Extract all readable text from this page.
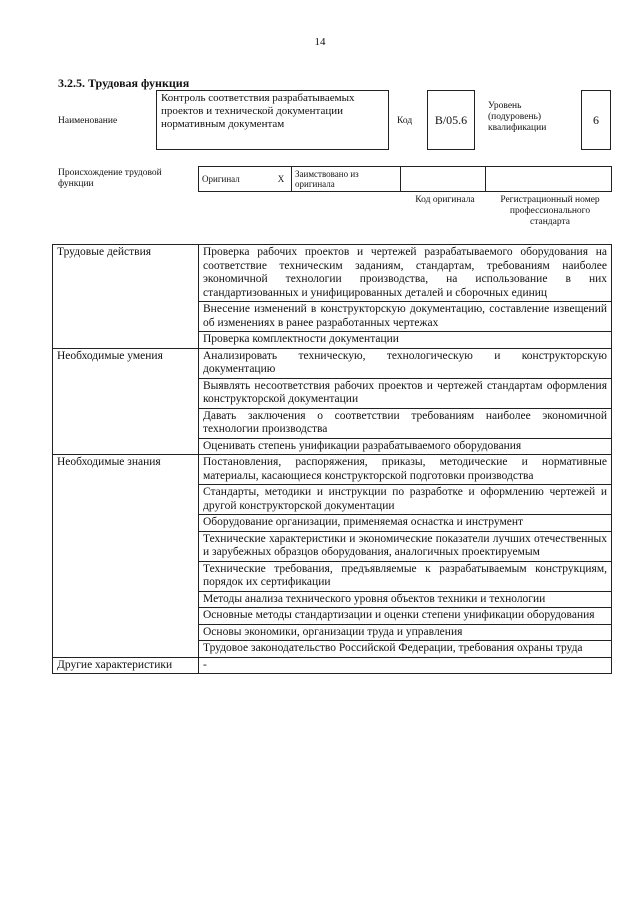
14
3.2.5. Трудовая функция
Наименование
Контроль соответствия разрабатываемых проектов и технической документации нормативным документам	Код	В/05.6
Уровень (подуровень) квалификации
6
Происхождение трудовой функции	Оригинал	X	Заимствовано из оригинала		
Код оригинала	Регистрационный номер профессионального стандарта
Трудовые действия	Проверка рабочих проектов и чертежей разрабатываемого оборудования на соответствие техническим заданиям, стандартам, требованиям наиболее экономичной технологии производства, на использование в них стандартизованных и унифицированных деталей и сборочных единиц
	Внесение изменений в конструкторскую документацию, составление извещений об изменениях в ранее разработанных чертежах
	Проверка комплектности документации
Необходимые умения	Анализировать техническую, технологическую и конструкторскую документацию
	Выявлять несоответствия рабочих проектов и чертежей стандартам оформления конструкторской документации
	Давать заключения о соответствии требованиям наиболее экономичной технологии производства
	Оценивать степень унификации разрабатываемого оборудования
Необходимые знания	Постановления, распоряжения, приказы, методические и нормативные материалы, касающиеся конструкторской подготовки производства
	Стандарты, методики и инструкции по разработке и оформлению чертежей и другой конструкторской документации
	Оборудование организации, применяемая оснастка и инструмент
	Технические характеристики и экономические показатели лучших отечественных и зарубежных образцов оборудования, аналогичных проектируемым
	Технические требования, предъявляемые к разрабатываемым конструкциям, порядок их сертификации
	Методы анализа технического уровня объектов техники и технологии
	Основные методы стандартизации и оценки степени унификации оборудования
	Основы экономики, организации труда и управления
	Трудовое законодательство Российской Федерации, требования охраны труда
Другие характеристики	-
